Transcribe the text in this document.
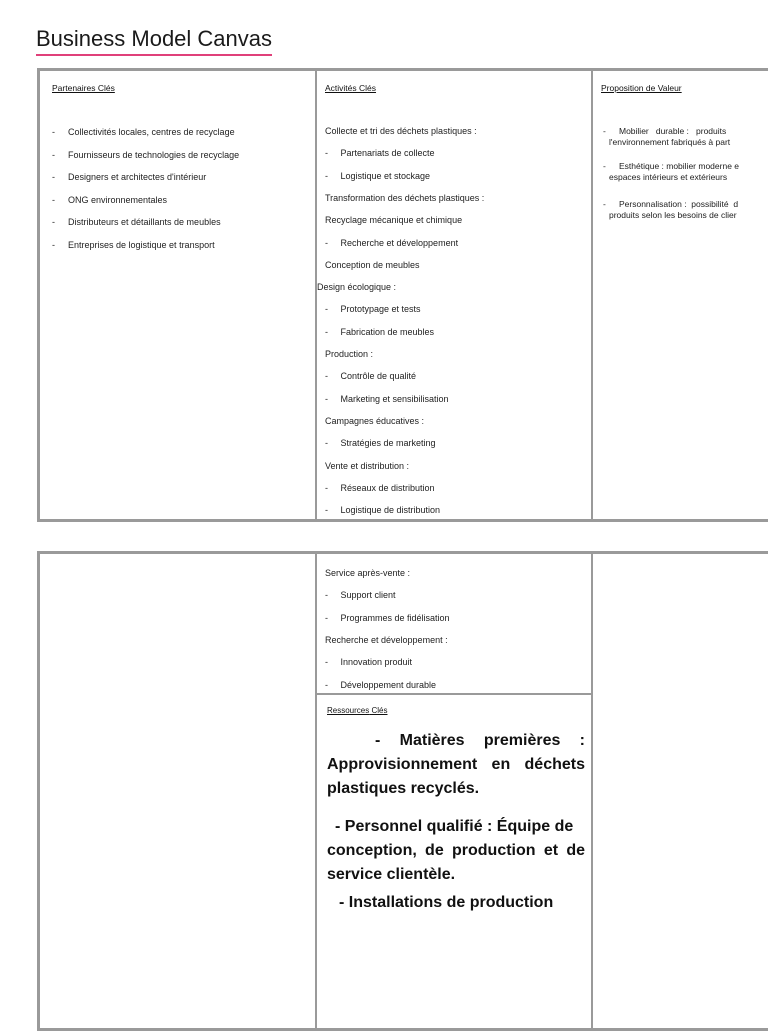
Business Model Canvas
Partenaires Clés
- Collectivités locales, centres de recyclage
- Fournisseurs de technologies de recyclage
- Designers et architectes d'intérieur
- ONG environnementales
- Distributeurs et détaillants de meubles
- Entreprises de logistique et transport
Activités Clés
Collecte et tri des déchets plastiques :
-     Partenariats de collecte
-     Logistique et stockage
Transformation des déchets plastiques :
Recyclage mécanique et chimique
-     Recherche et développement
Conception de meubles
Design écologique :
-     Prototypage et tests
-     Fabrication de meubles
Production :
-     Contrôle de qualité
-     Marketing et sensibilisation
Campagnes éducatives :
-     Stratégies de marketing
Vente et distribution :
-     Réseaux de distribution
-     Logistique de distribution
Proposition de Valeur
-	Mobilier   durable :   produits
l'environnement fabriqués à part
-	Esthétique : mobilier moderne e
espaces intérieurs et extérieurs
-	Personnalisation :  possibilité  d
produits selon les besoins de clier
Service après-vente :
-     Support client
-     Programmes de fidélisation
Recherche et développement :
-     Innovation produit
-     Développement durable
Ressources Clés
- Matières premières :
Approvisionnement en déchets
plastiques recyclés.
- Personnel qualifié : Équipe de
conception, de production et de
service clientèle.
- Installations de production
